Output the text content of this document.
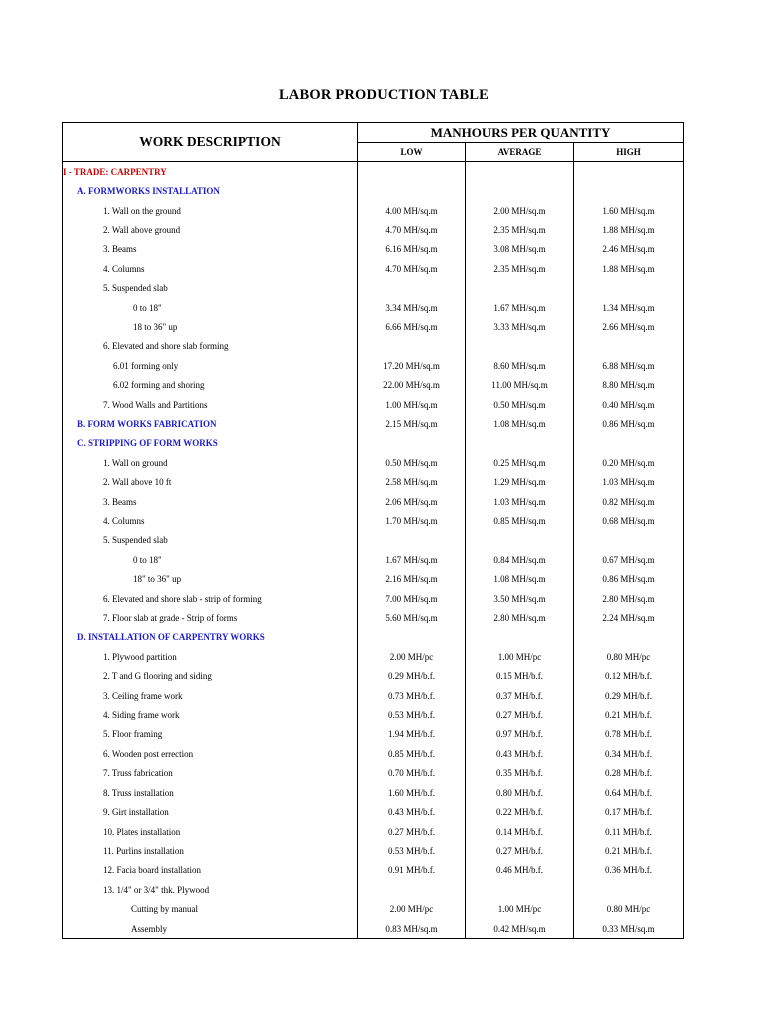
LABOR PRODUCTION TABLE
WORK DESCRIPTION	MANHOURS PER QUANTITY		
	LOW	AVERAGE	HIGH
I - TRADE: CARPENTRY			
A. FORMWORKS INSTALLATION			
1. Wall on the ground	4.00 MH/sq.m	2.00 MH/sq.m	1.60 MH/sq.m
2. Wall above ground	4.70 MH/sq.m	2.35 MH/sq.m	1.88 MH/sq.m
3. Beams	6.16 MH/sq.m	3.08 MH/sq.m	2.46 MH/sq.m
4. Columns	4.70 MH/sq.m	2.35 MH/sq.m	1.88 MH/sq.m
5. Suspended slab			
0 to 18"	3.34 MH/sq.m	1.67 MH/sq.m	1.34 MH/sq.m
18 to 36" up	6.66 MH/sq.m	3.33 MH/sq.m	2.66 MH/sq.m
6. Elevated and shore slab forming			
6.01 forming only	17.20 MH/sq.m	8.60 MH/sq.m	6.88 MH/sq.m
6.02 forming and shoring	22.00 MH/sq.m	11.00 MH/sq.m	8.80 MH/sq.m
7. Wood Walls and Partitions	1.00 MH/sq.m	0.50 MH/sq.m	0.40 MH/sq.m
B. FORM WORKS FABRICATION	2.15 MH/sq.m	1.08 MH/sq.m	0.86 MH/sq.m
C. STRIPPING OF FORM WORKS			
1. Wall on ground	0.50 MH/sq.m	0.25 MH/sq.m	0.20 MH/sq.m
2. Wall above 10 ft	2.58 MH/sq.m	1.29 MH/sq.m	1.03 MH/sq.m
3. Beams	2.06 MH/sq.m	1.03 MH/sq.m	0.82 MH/sq.m
4. Columns	1.70 MH/sq.m	0.85 MH/sq.m	0.68 MH/sq.m
5. Suspended slab			
0 to 18"	1.67 MH/sq.m	0.84 MH/sq.m	0.67 MH/sq.m
18" to 36" up	2.16 MH/sq.m	1.08 MH/sq.m	0.86 MH/sq.m
6. Elevated and shore slab - strip of forming	7.00 MH/sq.m	3.50 MH/sq.m	2.80 MH/sq.m
7. Floor slab at grade - Strip of forms	5.60 MH/sq.m	2.80 MH/sq.m	2.24 MH/sq.m
D. INSTALLATION OF CARPENTRY WORKS			
1. Plywood partition	2.00 MH/pc	1.00 MH/pc	0.80 MH/pc
2. T and G flooring and siding	0.29 MH/b.f.	0.15 MH/b.f.	0.12 MH/b.f.
3. Ceiling frame work	0.73 MH/b.f.	0.37 MH/b.f.	0.29 MH/b.f.
4. Siding frame work	0.53 MH/b.f.	0.27 MH/b.f.	0.21 MH/b.f.
5. Floor framing	1.94 MH/b.f.	0.97 MH/b.f.	0.78 MH/b.f.
6. Wooden post errection	0.85 MH/b.f.	0.43 MH/b.f.	0.34 MH/b.f.
7. Truss fabrication	0.70 MH/b.f.	0.35 MH/b.f.	0.28 MH/b.f.
8. Truss installation	1.60 MH/b.f.	0.80 MH/b.f.	0.64 MH/b.f.
9. Girt installation	0.43 MH/b.f.	0.22 MH/b.f.	0.17 MH/b.f.
10. Plates installation	0.27 MH/b.f.	0.14 MH/b.f.	0.11 MH/b.f.
11. Purlins installation	0.53 MH/b.f.	0.27 MH/b.f.	0.21 MH/b.f.
12. Facia board installation	0.91 MH/b.f.	0.46 MH/b.f.	0.36 MH/b.f.
13. 1/4" or 3/4" thk. Plywood			
Cutting by manual	2.00 MH/pc	1.00 MH/pc	0.80 MH/pc
Assembly	0.83 MH/sq.m	0.42 MH/sq.m	0.33 MH/sq.m
